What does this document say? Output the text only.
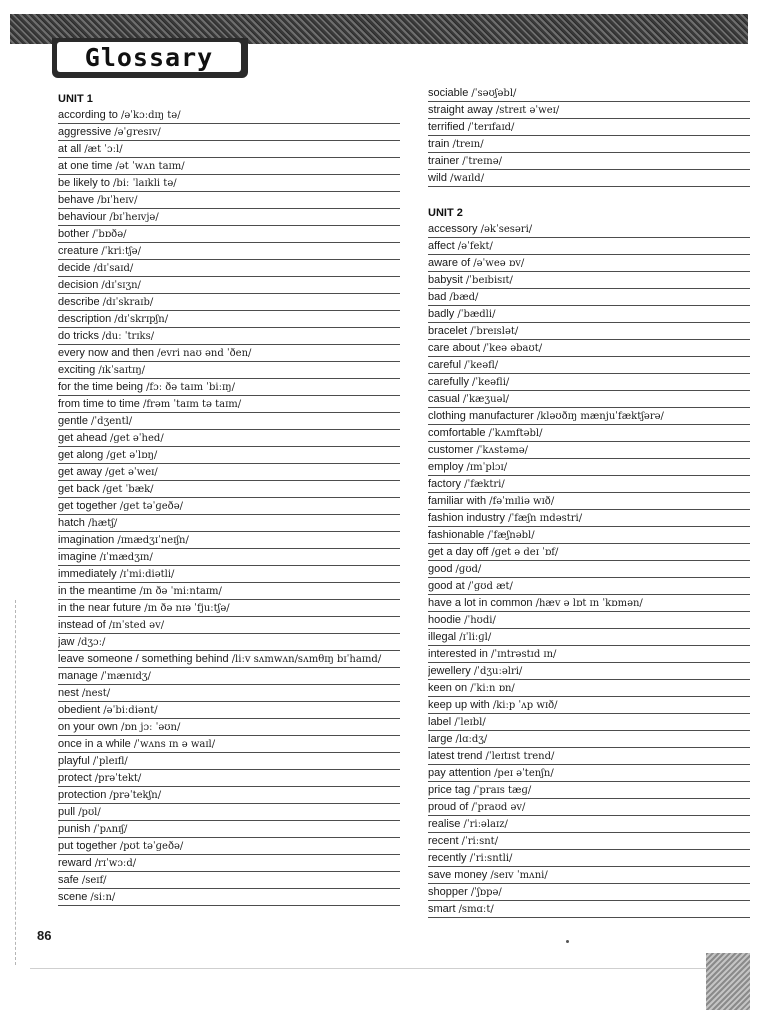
Glossary
UNIT 1
according to /əˈkɔːdɪŋ tə/
aggressive /əˈɡresɪv/
at all /æt ˈɔːl/
at one time /ət ˈwʌn taɪm/
be likely to /biː ˈlaɪkli tə/
behave /bɪˈheɪv/
behaviour /bɪˈheɪvjə/
bother /ˈbɒðə/
creature /ˈkriːtʃə/
decide /dɪˈsaɪd/
decision /dɪˈsɪʒn/
describe /dɪˈskraɪb/
description /dɪˈskrɪpʃn/
do tricks /duː ˈtrɪks/
every now and then /evri naʊ ənd ˈðen/
exciting /ɪkˈsaɪtɪŋ/
for the time being /fɔː ðə taɪm ˈbiːɪŋ/
from time to time /frəm ˈtaɪm tə taɪm/
gentle /ˈdʒentl/
get ahead /ɡet əˈhed/
get along /ɡet əˈlɒŋ/
get away /ɡet əˈweɪ/
get back /ɡet ˈbæk/
get together /ɡet təˈɡeðə/
hatch /hætʃ/
imagination /ɪmædʒɪˈneɪʃn/
imagine /ɪˈmædʒɪn/
immediately /ɪˈmiːdiətli/
in the meantime /ɪn ðə ˈmiːntaɪm/
in the near future /ɪn ðə nɪə ˈfjuːtʃə/
instead of /ɪnˈsted əv/
jaw /dʒɔː/
leave someone / something behind /liːv sʌmwʌn/sʌmθɪŋ bɪˈhaɪnd/
manage /ˈmænɪdʒ/
nest /nest/
obedient /əˈbiːdiənt/
on your own /ɒn jɔː ˈəʊn/
once in a while /ˈwʌns ɪn ə waɪl/
playful /ˈpleɪfl/
protect /prəˈtekt/
protection /prəˈtekʃn/
pull /pʊl/
punish /ˈpʌnɪʃ/
put together /pʊt təˈɡeðə/
reward /rɪˈwɔːd/
safe /seɪf/
scene /siːn/
sociable /ˈsəʊʃəbl/
straight away /streɪt əˈweɪ/
terrified /ˈterɪfaɪd/
train /treɪn/
trainer /ˈtreɪnə/
wild /waɪld/
UNIT 2
accessory /əkˈsesəri/
affect /əˈfekt/
aware of /əˈweə ɒv/
babysit /ˈbeɪbisɪt/
bad /bæd/
badly /ˈbædli/
bracelet /ˈbreɪslət/
care about /ˈkeə əbaʊt/
careful /ˈkeəfl/
carefully /ˈkeəfli/
casual /ˈkæʒuəl/
clothing manufacturer /kləʊðɪŋ mænjuˈfæktʃərə/
comfortable /ˈkʌmftəbl/
customer /ˈkʌstəmə/
employ /ɪmˈplɔɪ/
factory /ˈfæktri/
familiar with /fəˈmɪliə wɪð/
fashion industry /ˈfæʃn ɪndəstri/
fashionable /ˈfæʃnəbl/
get a day off /ɡet ə deɪ ˈɒf/
good /ɡʊd/
good at /ˈɡʊd æt/
have a lot in common /hæv ə lɒt ɪn ˈkɒmən/
hoodie /ˈhʊdi/
illegal /ɪˈliːɡl/
interested in /ˈɪntrəstɪd ɪn/
jewellery /ˈdʒuːəlri/
keen on /ˈkiːn ɒn/
keep up with /kiːp ˈʌp wɪð/
label /ˈleɪbl/
large /lɑːdʒ/
latest trend /ˈleɪtɪst trend/
pay attention /peɪ əˈtenʃn/
price tag /ˈpraɪs tæɡ/
proud of /ˈpraʊd əv/
realise /ˈriːəlaɪz/
recent /ˈriːsnt/
recently /ˈriːsntli/
save money /seɪv ˈmʌni/
shopper /ˈʃɒpə/
smart /smɑːt/
86
